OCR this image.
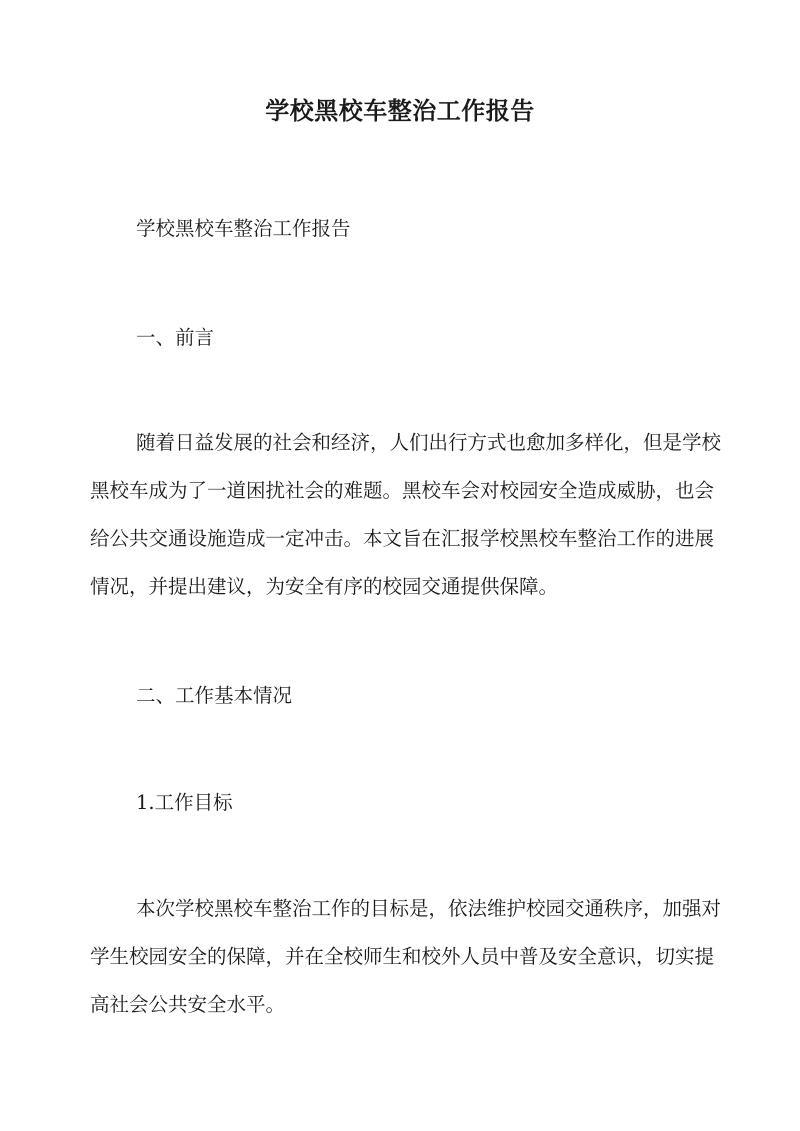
学校黑校车整治工作报告
学校黑校车整治工作报告
一、前言
随着日益发展的社会和经济，人们出行方式也愈加多样化，但是学校
黑校车成为了一道困扰社会的难题。黑校车会对校园安全造成威胁，也会
给公共交通设施造成一定冲击。本文旨在汇报学校黑校车整治工作的进展
情况，并提出建议，为安全有序的校园交通提供保障。
二、工作基本情况
1.工作目标
本次学校黑校车整治工作的目标是，依法维护校园交通秩序，加强对
学生校园安全的保障，并在全校师生和校外人员中普及安全意识，切实提
高社会公共安全水平。
